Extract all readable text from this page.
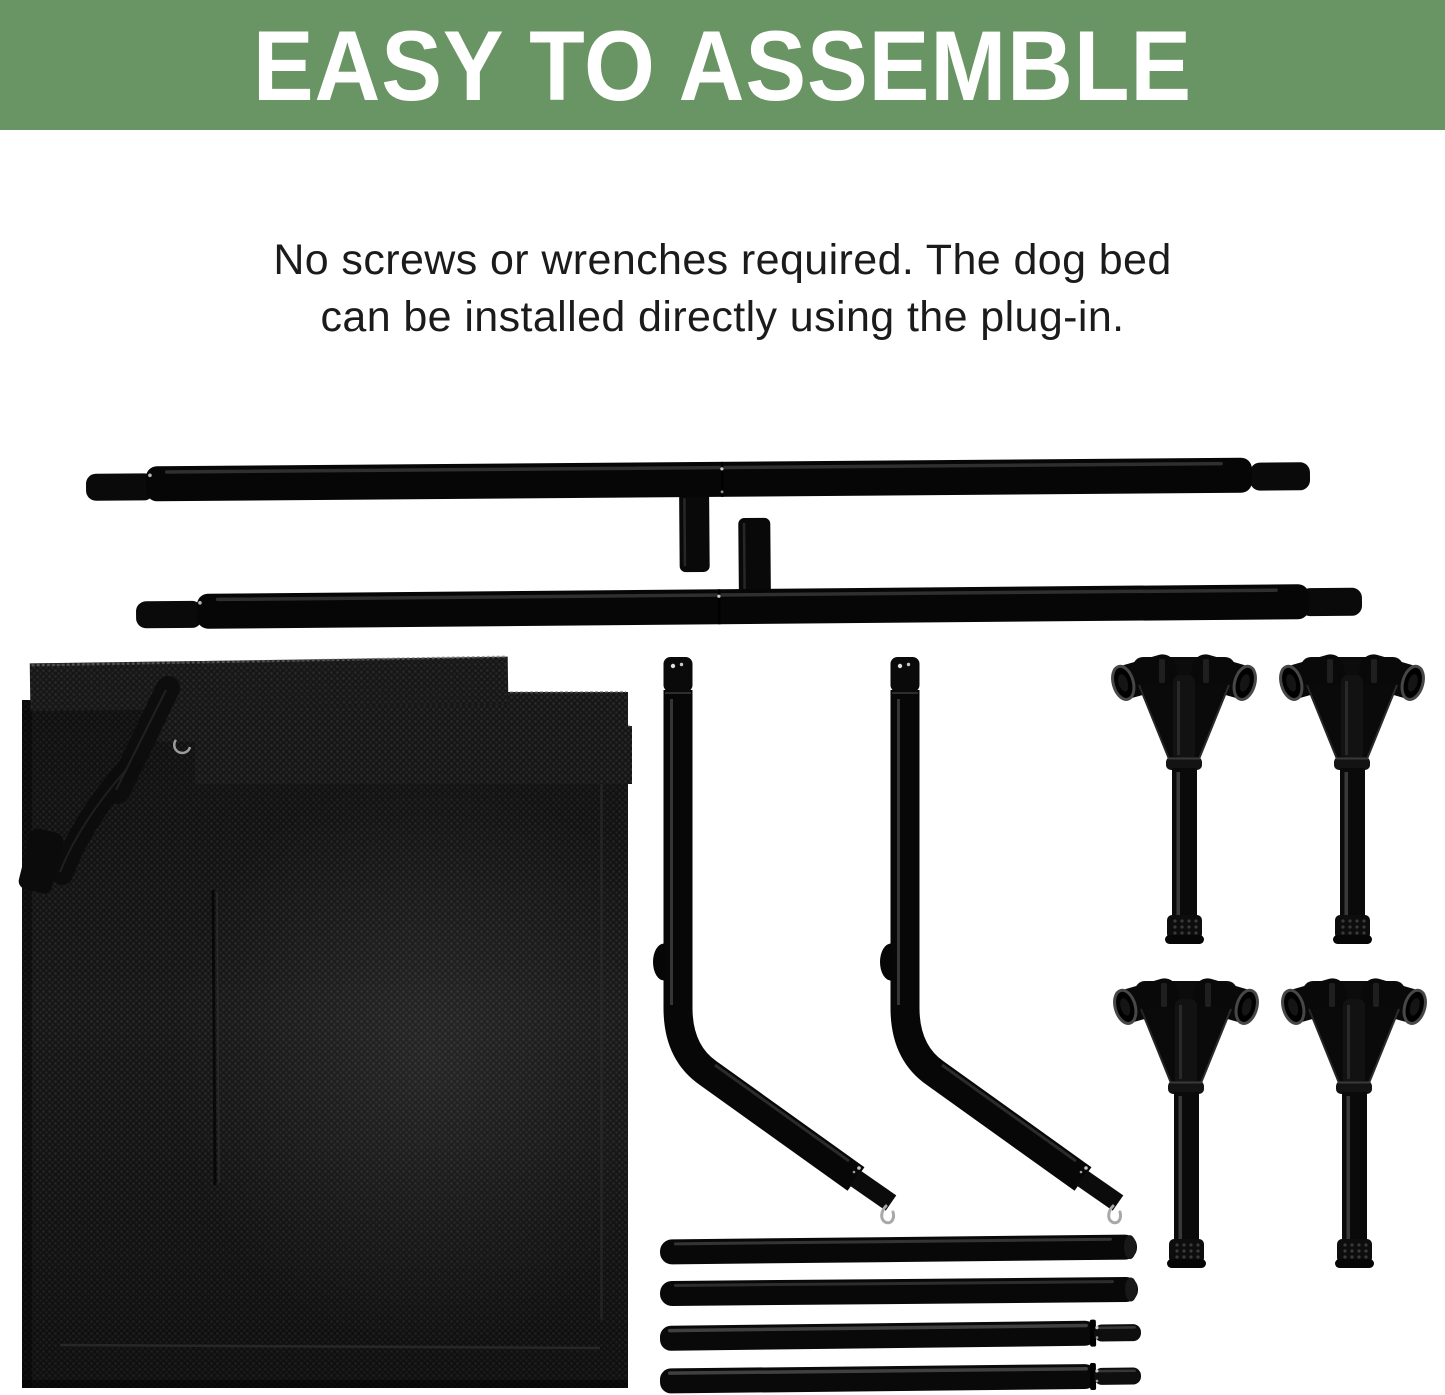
EASY TO ASSEMBLE
No screws or wrenches required. The dog bed
can be installed directly using the plug-in.
